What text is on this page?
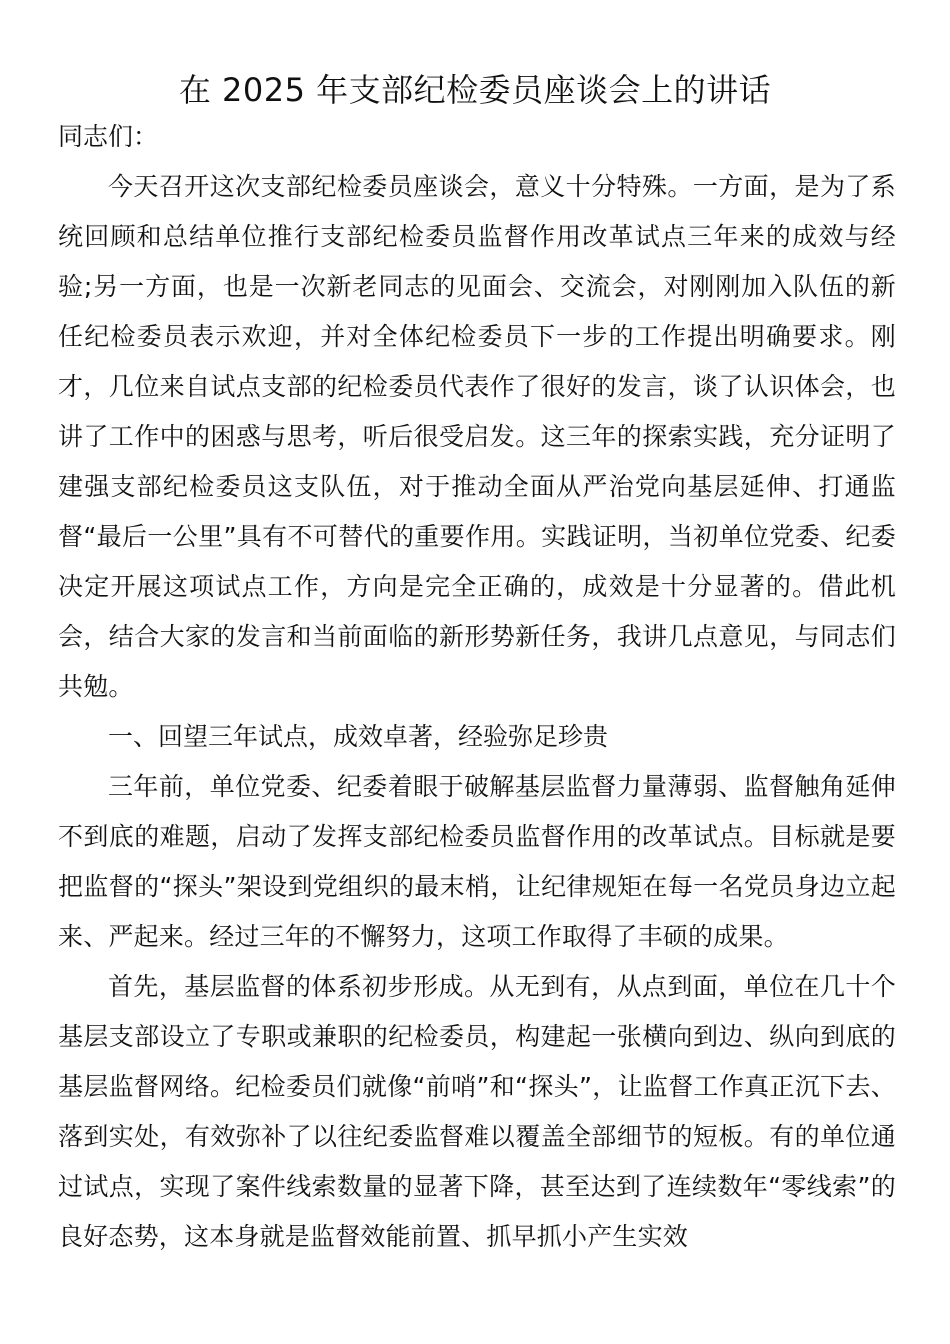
在 2025 年支部纪检委员座谈会上的讲话

同志们：

今天召开这次支部纪检委员座谈会，意义十分特殊。一方面，是为了系统回顾和总结单位推行支部纪检委员监督作用改革试点三年来的成效与经验;另一方面，也是一次新老同志的见面会、交流会，对刚刚加入队伍的新任纪检委员表示欢迎，并对全体纪检委员下一步的工作提出明确要求。刚才，几位来自试点支部的纪检委员代表作了很好的发言，谈了认识体会，也讲了工作中的困惑与思考，听后很受启发。这三年的探索实践，充分证明了建强支部纪检委员这支队伍，对于推动全面从严治党向基层延伸、打通监督“最后一公里”具有不可替代的重要作用。实践证明，当初单位党委、纪委决定开展这项试点工作，方向是完全正确的，成效是十分显著的。借此机会，结合大家的发言和当前面临的新形势新任务，我讲几点意见，与同志们共勉。

一、回望三年试点，成效卓著，经验弥足珍贵

三年前，单位党委、纪委着眼于破解基层监督力量薄弱、监督触角延伸不到底的难题，启动了发挥支部纪检委员监督作用的改革试点。目标就是要把监督的“探头”架设到党组织的最末梢，让纪律规矩在每一名党员身边立起来、严起来。经过三年的不懈努力，这项工作取得了丰硕的成果。

首先，基层监督的体系初步形成。从无到有，从点到面，单位在几十个基层支部设立了专职或兼职的纪检委员，构建起一张横向到边、纵向到底的基层监督网络。纪检委员们就像“前哨”和“探头”，让监督工作真正沉下去、落到实处，有效弥补了以往纪委监督难以覆盖全部细节的短板。有的单位通过试点，实现了案件线索数量的显著下降，甚至达到了连续数年“零线索”的良好态势，这本身就是监督效能前置、抓早抓小产生实效
